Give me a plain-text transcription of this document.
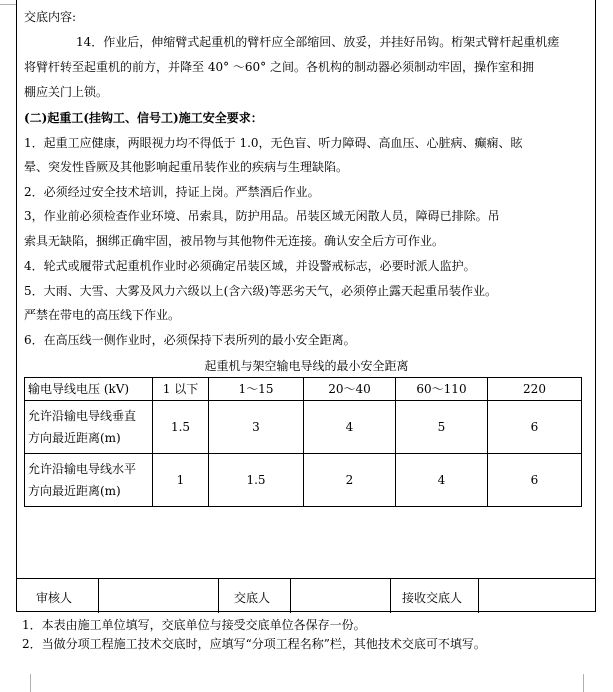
交底内容:
14．作业后，伸缩臂式起重机的臂杆应全部缩回、放妥，并挂好吊钩。桁架式臂杆起重机瘥
将臂杆转至起重机的前方，并降至 40° ～60° 之间。各机构的制动器必须制动牢固，操作室和拥
棚应关门上锁。
(二)起重工(挂钩工、信号工)施工安全要求：
1．起重工应健康，两眼视力均不得低于 1.0，无色盲、听力障碍、高血压、心脏病、癫痫、眩
晕、突发性昏厥及其他影响起重吊装作业的疾病与生理缺陷。
2．必须经过安全技术培训，持证上岗。严禁酒后作业。
3，作业前必须检查作业环境、吊索具，防护用品。吊装区域无闲散人员，障碍已排除。吊
索具无缺陷，捆绑正确牢固，被吊物与其他物件无连接。确认安全后方可作业。
4．轮式或履带式起重机作业时必须确定吊装区域，并设警戒标志，必要时派人监护。
5．大雨、大雪、大雾及风力六级以上(含六级)等恶劣天气，必须停止露天起重吊装作业。
严禁在带电的高压线下作业。
6．在高压线一侧作业时，必须保持下表所列的最小安全距离。
起重机与架空输电导线的最小安全距离
输电导线电压 (kV)	1 以下	1～15	20～40	60～110	220

允许沿输电导线垂直
方向最近距离(m)	1.5	3	4	5	6

允许沿输电导线水平
方向最近距离(m)	1	1.5	2	4	6
审核人	交底人	接收交底人
1．本表由施工单位填写，交底单位与接受交底单位各保存一份。
2．当做分项工程施工技术交底时，应填写“分项工程名称”栏，其他技术交底可不填写。
